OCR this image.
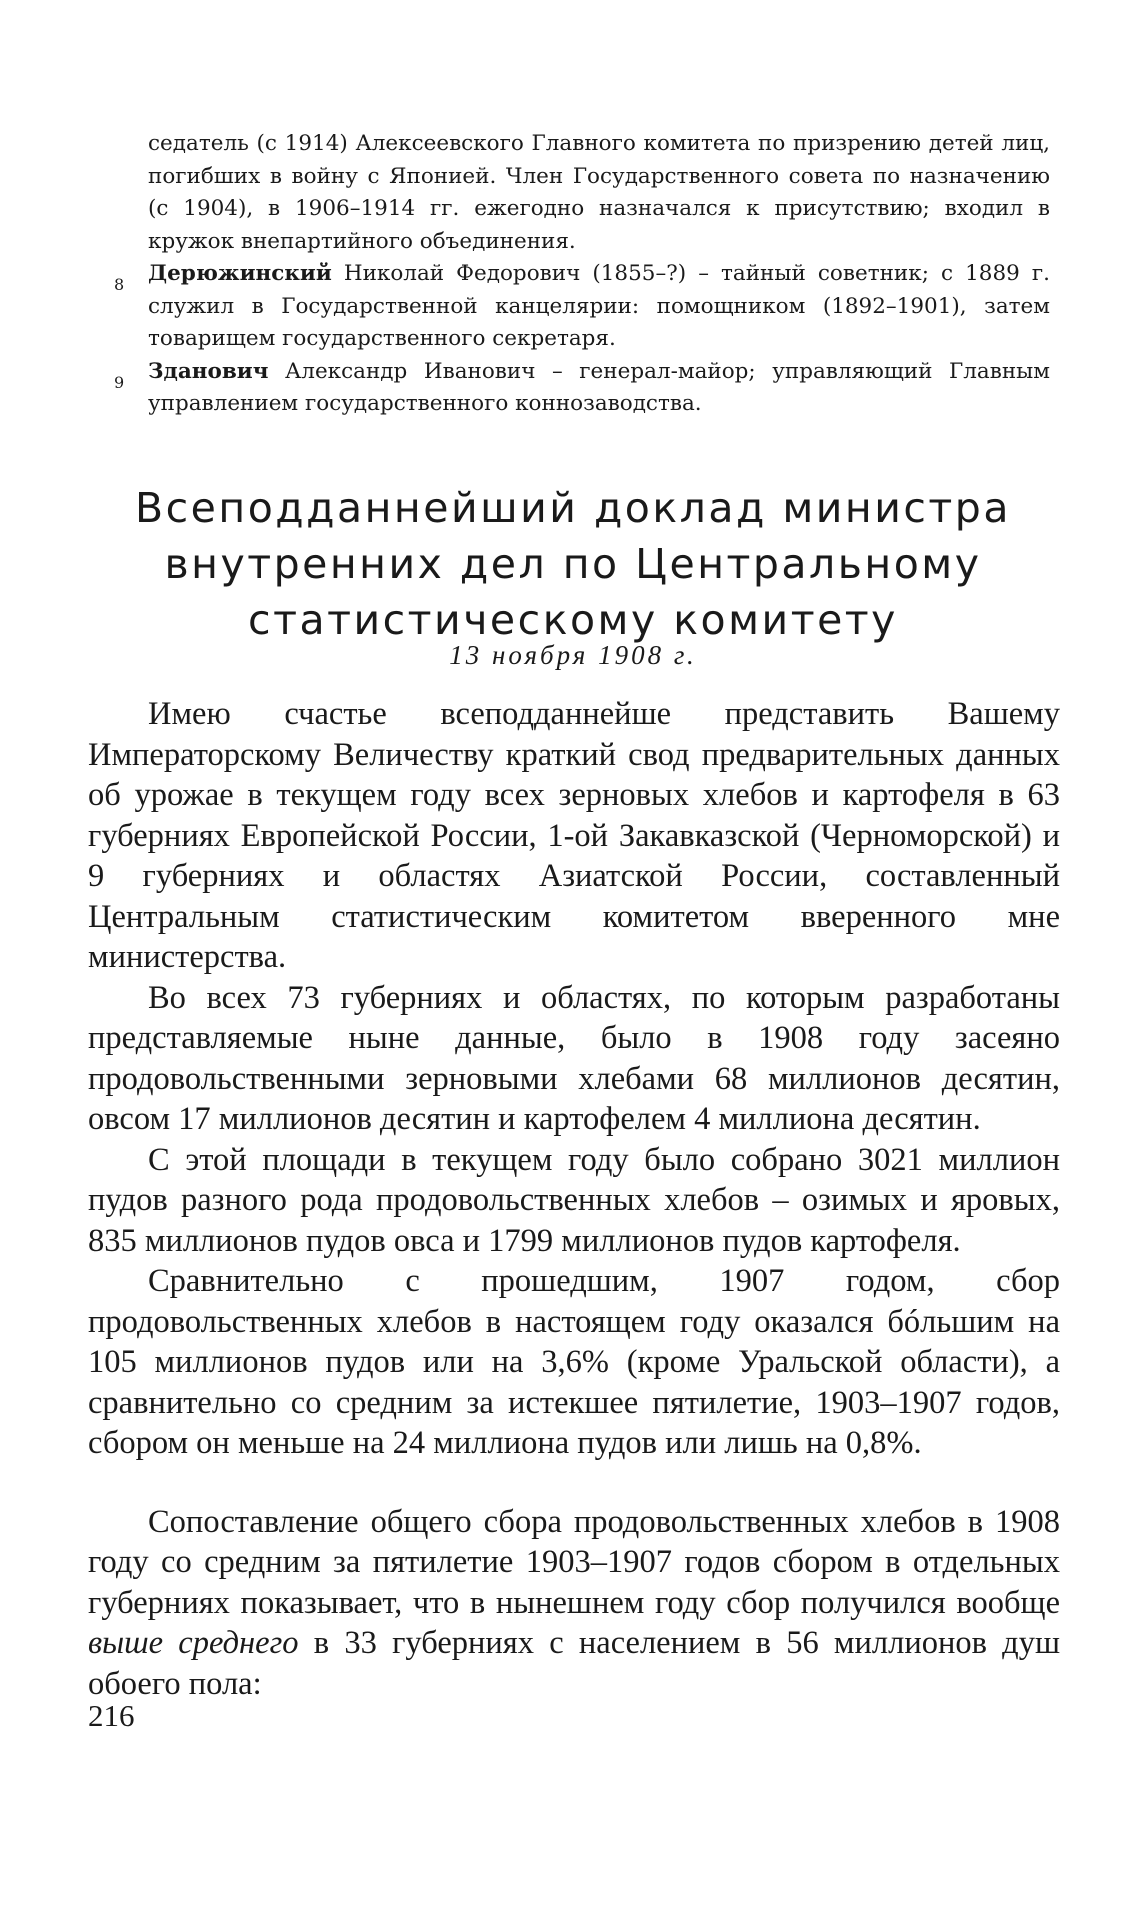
седатель (с 1914) Алексеевского Главного комитета по призрению детей лиц, погибших в войну с Японией. Член Государственного совета по назначению (с 1904), в 1906–1914 гг. ежегодно назначался к присутствию; входил в кружок внепартийного объединения.

8 Дерюжинский Николай Федорович (1855–?) – тайный советник; с 1889 г. служил в Государственной канцелярии: помощником (1892–1901), затем товарищем государственного секретаря.

9 Зданович Александр Иванович – генерал-майор; управляющий Главным управлением государственного коннозаводства.

Всеподданнейший доклад министра
внутренних дел по Центральному
статистическому комитету
13 ноября 1908 г.

Имею счастье всеподданнейше представить Вашему Императорскому Величеству краткий свод предварительных данных об урожае в текущем году всех зерновых хлебов и картофеля в 63 губерниях Европейской России, 1-ой Закавказской (Черноморской) и 9 губерниях и областях Азиатской России, составленный Центральным статистическим комитетом вверенного мне министерства.

Во всех 73 губерниях и областях, по которым разработаны представляемые ныне данные, было в 1908 году засеяно продовольственными зерновыми хлебами 68 миллионов десятин, овсом 17 миллионов десятин и картофелем 4 миллиона десятин.

С этой площади в текущем году было собрано 3021 миллион пудов разного рода продовольственных хлебов – озимых и яровых, 835 миллионов пудов овса и 1799 миллионов пудов картофеля.

Сравнительно с прошедшим, 1907 годом, сбор продовольственных хлебов в настоящем году оказался бóльшим на 105 миллионов пудов или на 3,6% (кроме Уральской области), а сравнительно со средним за истекшее пятилетие, 1903–1907 годов, сбором он меньше на 24 миллиона пудов или лишь на 0,8%.

Сопоставление общего сбора продовольственных хлебов в 1908 году со средним за пятилетие 1903–1907 годов сбором в отдельных губерниях показывает, что в нынешнем году сбор получился вообще выше среднего в 33 губерниях с населением в 56 миллионов душ обоего пола:

216
